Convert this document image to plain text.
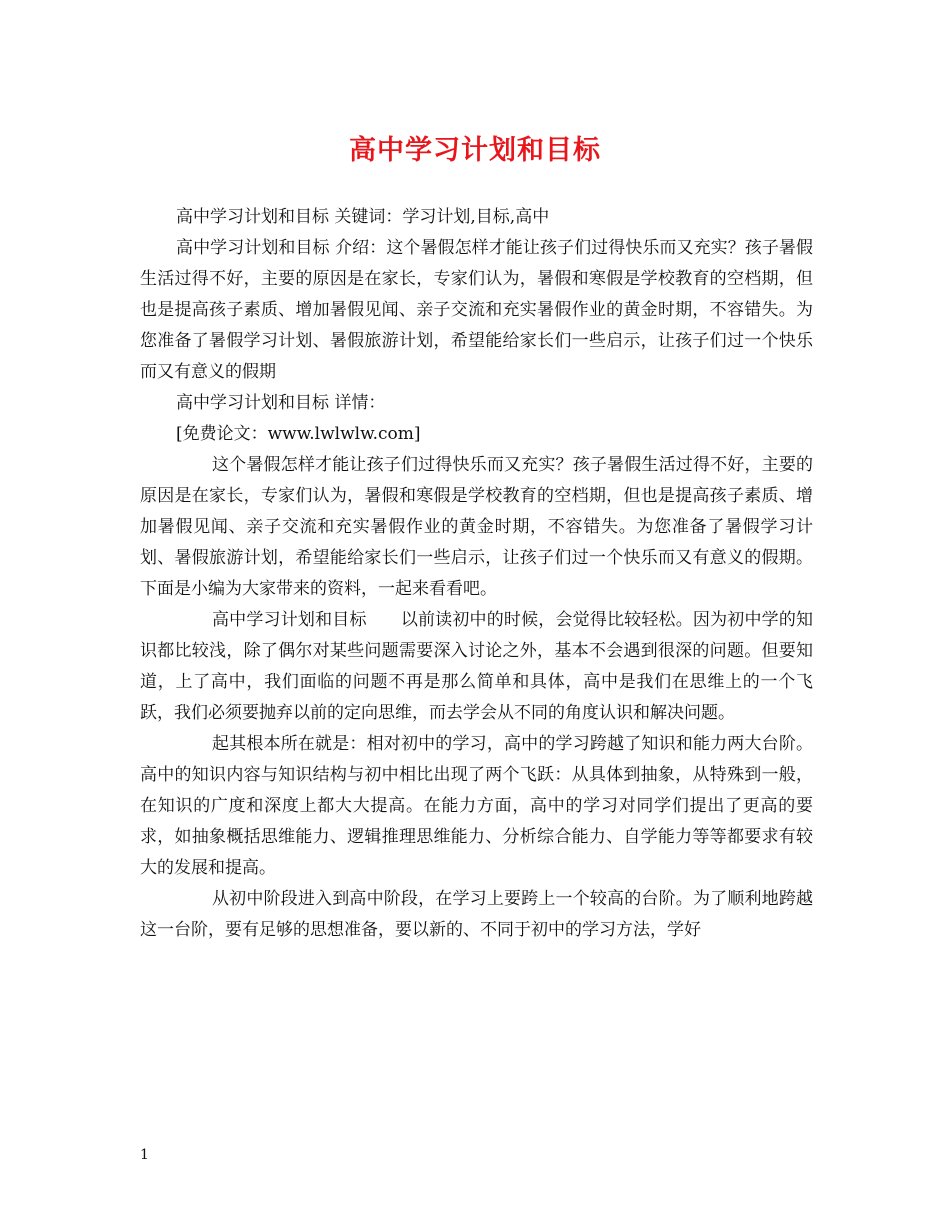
高中学习计划和目标

高中学习计划和目标 关键词：学习计划,目标,高中

高中学习计划和目标 介绍：这个暑假怎样才能让孩子们过得快乐而又充实？孩子暑假生活过得不好，主要的原因是在家长，专家们认为，暑假和寒假是学校教育的空档期，但也是提高孩子素质、增加暑假见闻、亲子交流和充实暑假作业的黄金时期，不容错失。为您准备了暑假学习计划、暑假旅游计划，希望能给家长们一些启示，让孩子们过一个快乐而又有意义的假期

高中学习计划和目标 详情：

[免费论文：www.lwlwlw.com]

这个暑假怎样才能让孩子们过得快乐而又充实？孩子暑假生活过得不好，主要的原因是在家长，专家们认为，暑假和寒假是学校教育的空档期，但也是提高孩子素质、增加暑假见闻、亲子交流和充实暑假作业的黄金时期，不容错失。为您准备了暑假学习计划、暑假旅游计划，希望能给家长们一些启示，让孩子们过一个快乐而又有意义的假期。下面是小编为大家带来的资料，一起来看看吧。

高中学习计划和目标 以前读初中的时候，会觉得比较轻松。因为初中学的知识都比较浅，除了偶尔对某些问题需要深入讨论之外，基本不会遇到很深的问题。但要知道，上了高中，我们面临的问题不再是那么简单和具体，高中是我们在思维上的一个飞跃，我们必须要抛弃以前的定向思维，而去学会从不同的角度认识和解决问题。

起其根本所在就是：相对初中的学习，高中的学习跨越了知识和能力两大台阶。高中的知识内容与知识结构与初中相比出现了两个飞跃：从具体到抽象，从特殊到一般，在知识的广度和深度上都大大提高。在能力方面，高中的学习对同学们提出了更高的要求，如抽象概括思维能力、逻辑推理思维能力、分析综合能力、自学能力等等都要求有较大的发展和提高。

从初中阶段进入到高中阶段，在学习上要跨上一个较高的台阶。为了顺利地跨越这一台阶，要有足够的思想准备，要以新的、不同于初中的学习方法，学好

1
